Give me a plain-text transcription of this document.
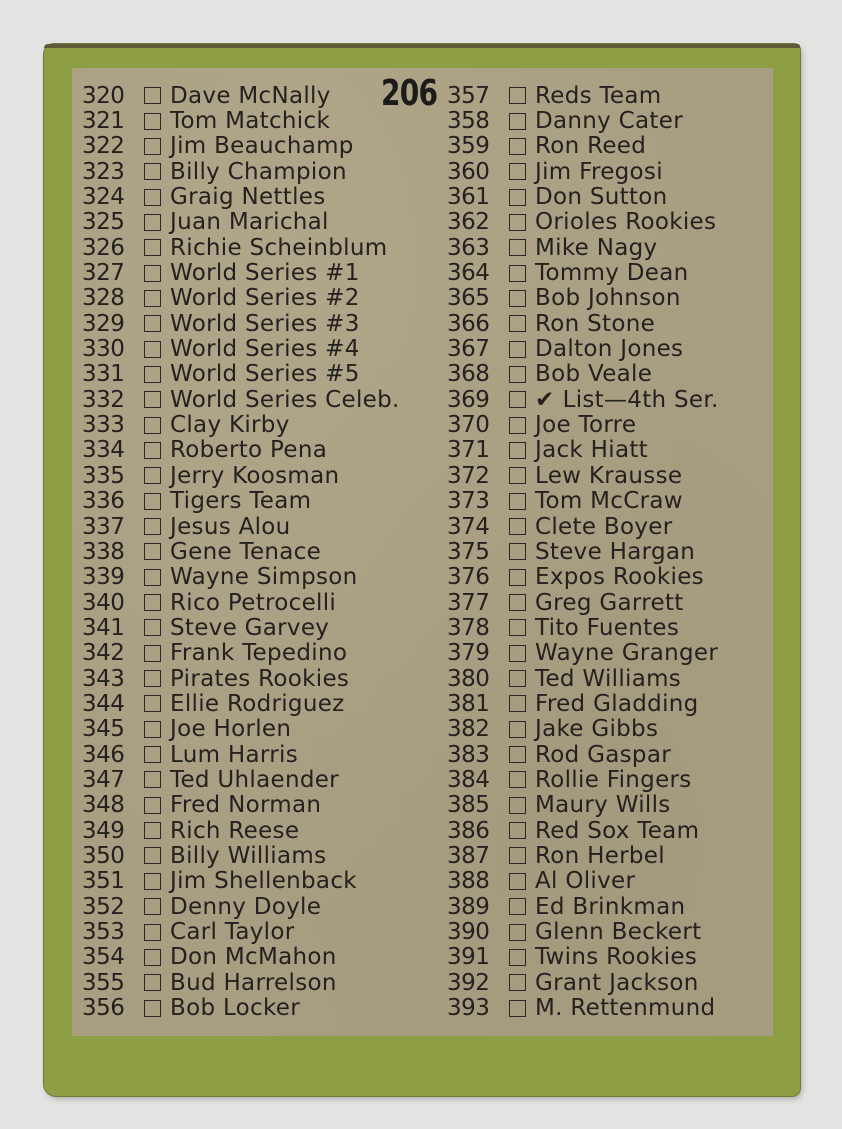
206
320	Dave McNally
321	Tom Matchick
322	Jim Beauchamp
323	Billy Champion
324	Graig Nettles
325	Juan Marichal
326	Richie Scheinblum
327	World Series #1
328	World Series #2
329	World Series #3
330	World Series #4
331	World Series #5
332	World Series Celeb.
333	Clay Kirby
334	Roberto Pena
335	Jerry Koosman
336	Tigers Team
337	Jesus Alou
338	Gene Tenace
339	Wayne Simpson
340	Rico Petrocelli
341	Steve Garvey
342	Frank Tepedino
343	Pirates Rookies
344	Ellie Rodriguez
345	Joe Horlen
346	Lum Harris
347	Ted Uhlaender
348	Fred Norman
349	Rich Reese
350	Billy Williams
351	Jim Shellenback
352	Denny Doyle
353	Carl Taylor
354	Don McMahon
355	Bud Harrelson
356	Bob Locker
357	Reds Team
358	Danny Cater
359	Ron Reed
360	Jim Fregosi
361	Don Sutton
362	Orioles Rookies
363	Mike Nagy
364	Tommy Dean
365	Bob Johnson
366	Ron Stone
367	Dalton Jones
368	Bob Veale
369	✔ List—4th Ser.
370	Joe Torre
371	Jack Hiatt
372	Lew Krausse
373	Tom McCraw
374	Clete Boyer
375	Steve Hargan
376	Expos Rookies
377	Greg Garrett
378	Tito Fuentes
379	Wayne Granger
380	Ted Williams
381	Fred Gladding
382	Jake Gibbs
383	Rod Gaspar
384	Rollie Fingers
385	Maury Wills
386	Red Sox Team
387	Ron Herbel
388	Al Oliver
389	Ed Brinkman
390	Glenn Beckert
391	Twins Rookies
392	Grant Jackson
393	M. Rettenmund
